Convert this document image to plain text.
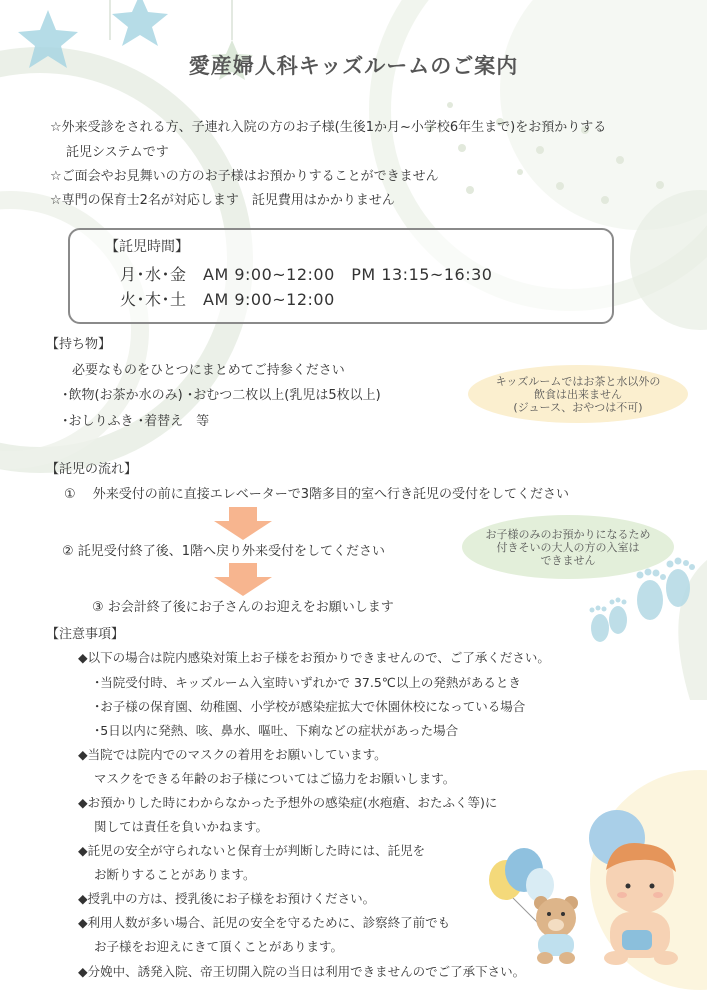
愛産婦人科キッズルームのご案内
☆外来受診をされる方、子連れ入院の方のお子様(生後1か月~小学校6年生まで)をお預かりする
託児システムです
☆ご面会やお見舞いの方のお子様はお預かりすることができません
☆専門の保育士2名が対応します　託児費用はかかりません
【託児時間】
月･水･金　AM 9:00~12:00　PM 13:15~16:30
火･木･土　AM 9:00~12:00
【持ち物】
必要なものをひとつにまとめてご持参ください
･飲物(お茶か水のみ) ･おむつ二枚以上(乳児は5枚以上)
･おしりふき ･着替え　等
キッズルームではお茶と水以外の
飲食は出来ません
(ジュース、おやつは不可)
【託児の流れ】
①　 外来受付の前に直接エレベーターで3階多目的室へ行き託児の受付をしてください
② 託児受付終了後、1階へ戻り外来受付をしてください
③ お会計終了後にお子さんのお迎えをお願いします
お子様のみのお預かりになるため
付きそいの大人の方の入室は
できません
【注意事項】
◆以下の場合は院内感染対策上お子様をお預かりできませんので、ご了承ください。
･当院受付時、キッズルーム入室時いずれかで 37.5℃以上の発熱があるとき
･お子様の保育園、幼稚園、小学校が感染症拡大で休園休校になっている場合
･5日以内に発熱、咳、鼻水、嘔吐、下痢などの症状があった場合
◆当院では院内でのマスクの着用をお願いしています。
マスクをできる年齢のお子様についてはご協力をお願いします。
◆お預かりした時にわからなかった予想外の感染症(水疱瘡、おたふく等)に
関しては責任を負いかねます。
◆託児の安全が守られないと保育士が判断した時には、託児を
お断りすることがあります。
◆授乳中の方は、授乳後にお子様をお預けください。
◆利用人数が多い場合、託児の安全を守るために、診察終了前でも
お子様をお迎えにきて頂くことがあります。
◆分娩中、誘発入院、帝王切開入院の当日は利用できませんのでご了承下さい。
